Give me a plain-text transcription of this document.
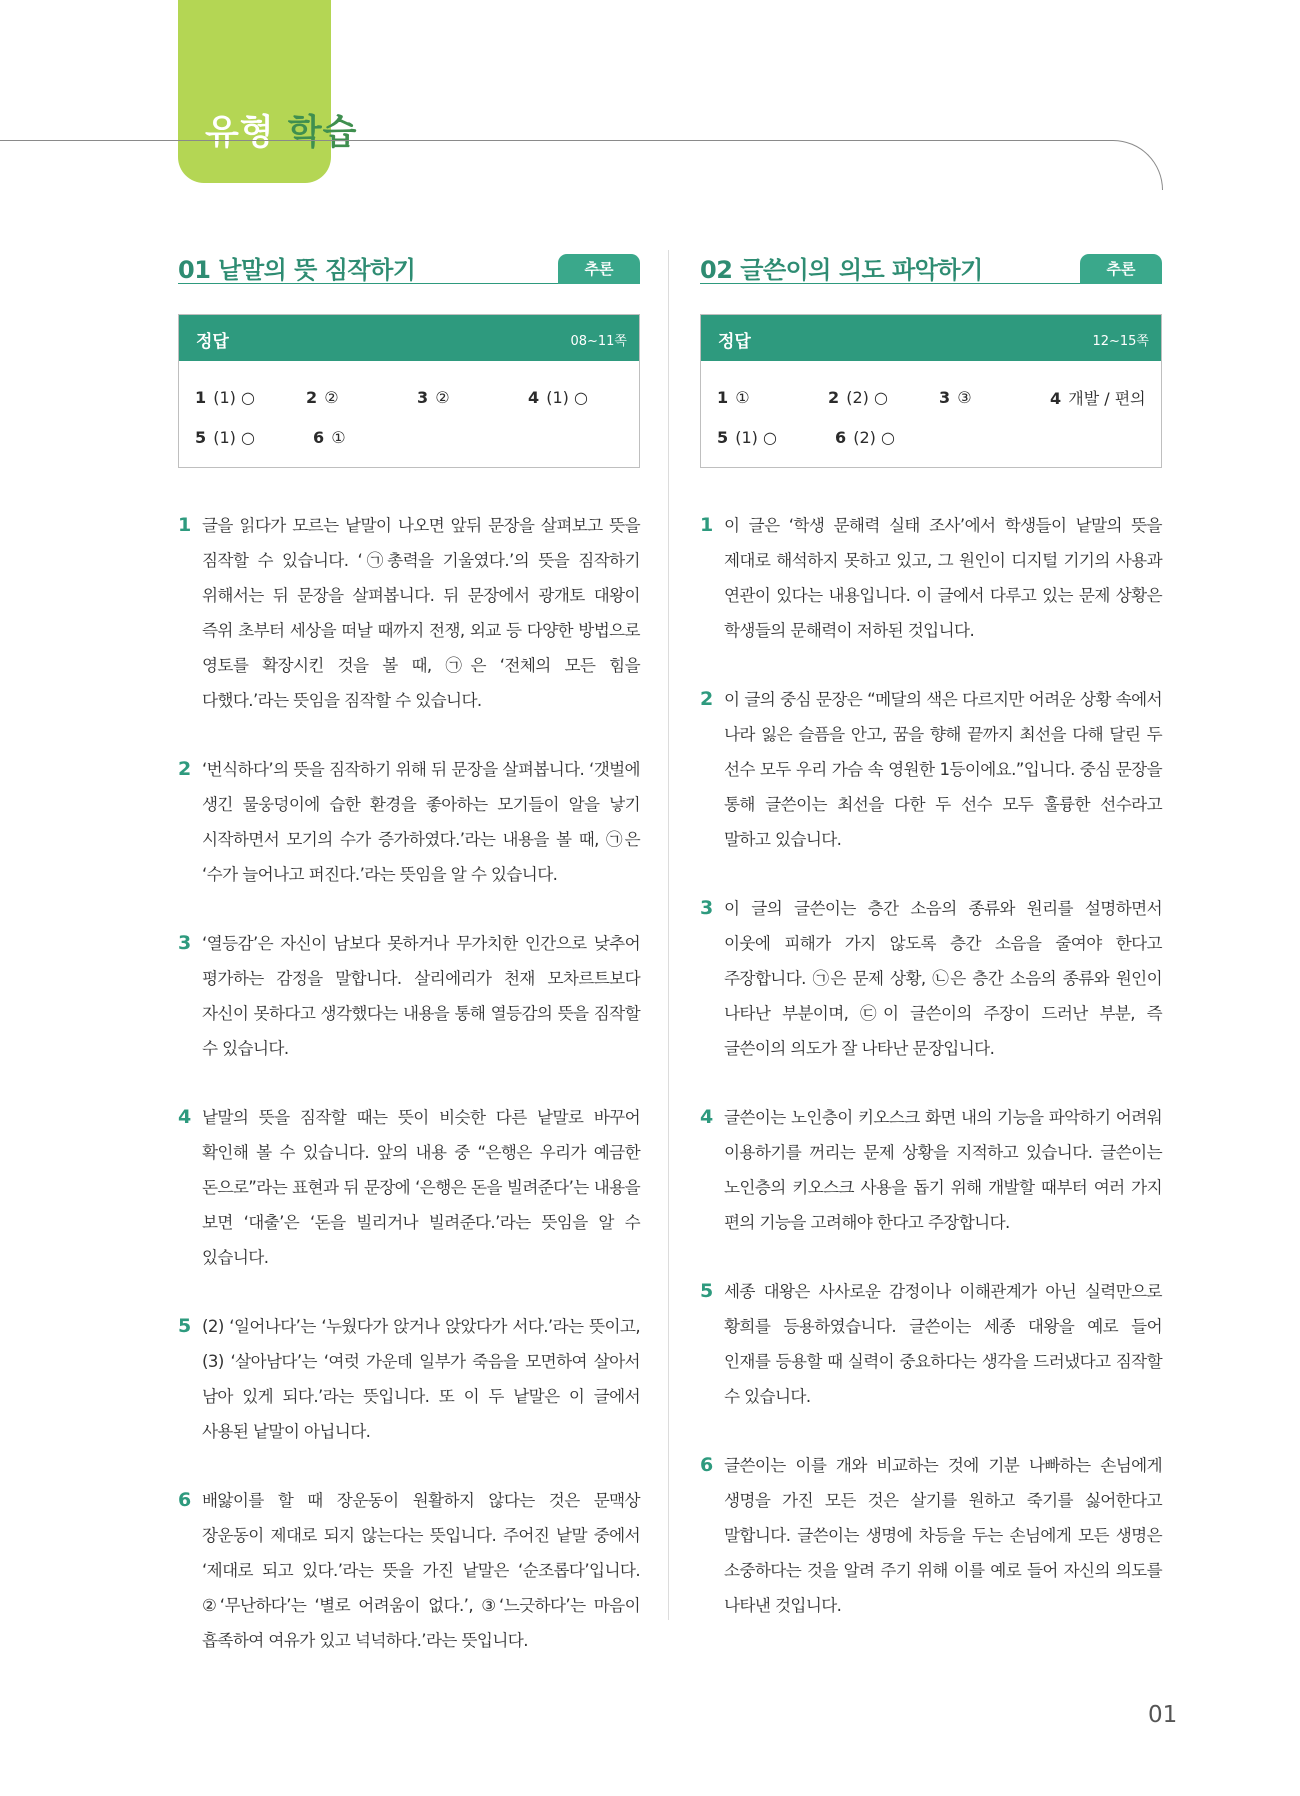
유형 학습
01 낱말의 뜻 짐작하기	추론
정답	08~11쪽
1 (1) ○	2 ②	3 ②	4 (1) ○
5 (1) ○	6 ①
1 글을 읽다가 모르는 낱말이 나오면 앞뒤 문장을 살펴보고 뜻을 짐작할 수 있습니다. ‘㉠총력을 기울였다.’의 뜻을 짐작하기 위해서는 뒤 문장을 살펴봅니다. 뒤 문장에서 광개토 대왕이 즉위 초부터 세상을 떠날 때까지 전쟁, 외교 등 다양한 방법으로 영토를 확장시킨 것을 볼 때, ㉠은 ‘전체의 모든 힘을 다했다.’라는 뜻임을 짐작할 수 있습니다.

2 ‘번식하다’의 뜻을 짐작하기 위해 뒤 문장을 살펴봅니다. ‘갯벌에 생긴 물웅덩이에 습한 환경을 좋아하는 모기들이 알을 낳기 시작하면서 모기의 수가 증가하였다.’라는 내용을 볼 때, ㉠은 ‘수가 늘어나고 퍼진다.’라는 뜻임을 알 수 있습니다.

3 ‘열등감’은 자신이 남보다 못하거나 무가치한 인간으로 낮추어 평가하는 감정을 말합니다. 살리에리가 천재 모차르트보다 자신이 못하다고 생각했다는 내용을 통해 열등감의 뜻을 짐작할 수 있습니다.

4 낱말의 뜻을 짐작할 때는 뜻이 비슷한 다른 낱말로 바꾸어 확인해 볼 수 있습니다. 앞의 내용 중 “은행은 우리가 예금한 돈으로”라는 표현과 뒤 문장에 ‘은행은 돈을 빌려준다’는 내용을 보면 ‘대출’은 ‘돈을 빌리거나 빌려준다.’라는 뜻임을 알 수 있습니다.

5 (2) ‘일어나다’는 ‘누웠다가 앉거나 앉았다가 서다.’라는 뜻이고, (3) ‘살아남다’는 ‘여럿 가운데 일부가 죽음을 모면하여 살아서 남아 있게 되다.’라는 뜻입니다. 또 이 두 낱말은 이 글에서 사용된 낱말이 아닙니다.

6 배앓이를 할 때 장운동이 원활하지 않다는 것은 문맥상 장운동이 제대로 되지 않는다는 뜻입니다. 주어진 낱말 중에서 ‘제대로 되고 있다.’라는 뜻을 가진 낱말은 ‘순조롭다’입니다. ②‘무난하다’는 ‘별로 어려움이 없다.’, ③‘느긋하다’는 마음이 흡족하여 여유가 있고 넉넉하다.’라는 뜻입니다.

02 글쓴이의 의도 파악하기	추론
정답	12~15쪽
1 ①	2 (2) ○	3 ③	4 개발 / 편의
5 (1) ○	6 (2) ○
1 이 글은 ‘학생 문해력 실태 조사’에서 학생들이 낱말의 뜻을 제대로 해석하지 못하고 있고, 그 원인이 디지털 기기의 사용과 연관이 있다는 내용입니다. 이 글에서 다루고 있는 문제 상황은 학생들의 문해력이 저하된 것입니다.

2 이 글의 중심 문장은 “메달의 색은 다르지만 어려운 상황 속에서 나라 잃은 슬픔을 안고, 꿈을 향해 끝까지 최선을 다해 달린 두 선수 모두 우리 가슴 속 영원한 1등이에요.”입니다. 중심 문장을 통해 글쓴이는 최선을 다한 두 선수 모두 훌륭한 선수라고 말하고 있습니다.

3 이 글의 글쓴이는 층간 소음의 종류와 원리를 설명하면서 이웃에 피해가 가지 않도록 층간 소음을 줄여야 한다고 주장합니다. ㉠은 문제 상황, ㉡은 층간 소음의 종류와 원인이 나타난 부분이며, ㉢이 글쓴이의 주장이 드러난 부분, 즉 글쓴이의 의도가 잘 나타난 문장입니다.

4 글쓴이는 노인층이 키오스크 화면 내의 기능을 파악하기 어려워 이용하기를 꺼리는 문제 상황을 지적하고 있습니다. 글쓴이는 노인층의 키오스크 사용을 돕기 위해 개발할 때부터 여러 가지 편의 기능을 고려해야 한다고 주장합니다.

5 세종 대왕은 사사로운 감정이나 이해관계가 아닌 실력만으로 황희를 등용하였습니다. 글쓴이는 세종 대왕을 예로 들어 인재를 등용할 때 실력이 중요하다는 생각을 드러냈다고 짐작할 수 있습니다.

6 글쓴이는 이를 개와 비교하는 것에 기분 나빠하는 손님에게 생명을 가진 모든 것은 살기를 원하고 죽기를 싫어한다고 말합니다. 글쓴이는 생명에 차등을 두는 손님에게 모든 생명은 소중하다는 것을 알려 주기 위해 이를 예로 들어 자신의 의도를 나타낸 것입니다.

01
